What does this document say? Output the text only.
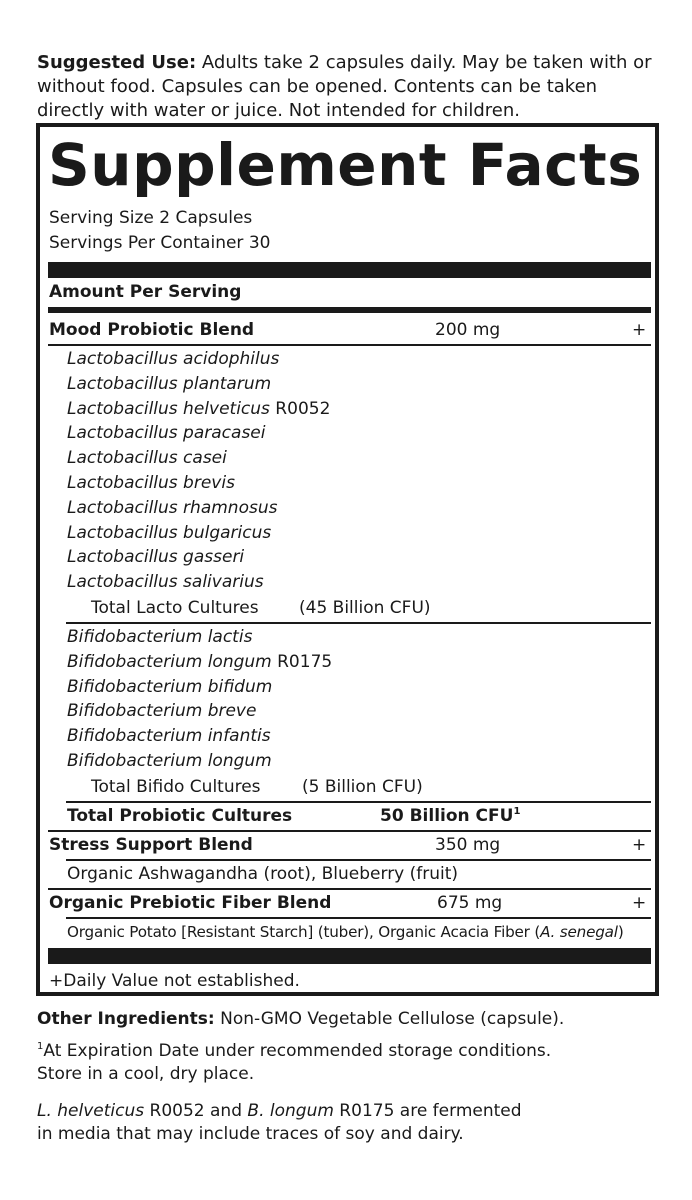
Suggested Use: Adults take 2 capsules daily. May be taken with or without food. Capsules can be opened. Contents can be taken directly with water or juice. Not intended for children.
Supplement Facts
Serving Size 2 Capsules
Servings Per Container 30
Amount Per Serving
Mood Probiotic Blend	200 mg	+
Lactobacillus acidophilus
Lactobacillus plantarum
Lactobacillus helveticus R0052
Lactobacillus paracasei
Lactobacillus casei
Lactobacillus brevis
Lactobacillus rhamnosus
Lactobacillus bulgaricus
Lactobacillus gasseri
Lactobacillus salivarius
Total Lacto Cultures (45 Billion CFU)
Bifidobacterium lactis
Bifidobacterium longum R0175
Bifidobacterium bifidum
Bifidobacterium breve
Bifidobacterium infantis
Bifidobacterium longum
Total Bifido Cultures (5 Billion CFU)
Total Probiotic Cultures	50 Billion CFU$^1$
Stress Support Blend	350 mg	+
Organic Ashwagandha (root), Blueberry (fruit)
Organic Prebiotic Fiber Blend	675 mg	+
Organic Potato [Resistant Starch] (tuber), Organic Acacia Fiber (A. senegal)
+Daily Value not established.
Other Ingredients: Non-GMO Vegetable Cellulose (capsule).
$^1$At Expiration Date under recommended storage conditions.
Store in a cool, dry place.
L. helveticus R0052 and B. longum R0175 are fermented
in media that may include traces of soy and dairy.
